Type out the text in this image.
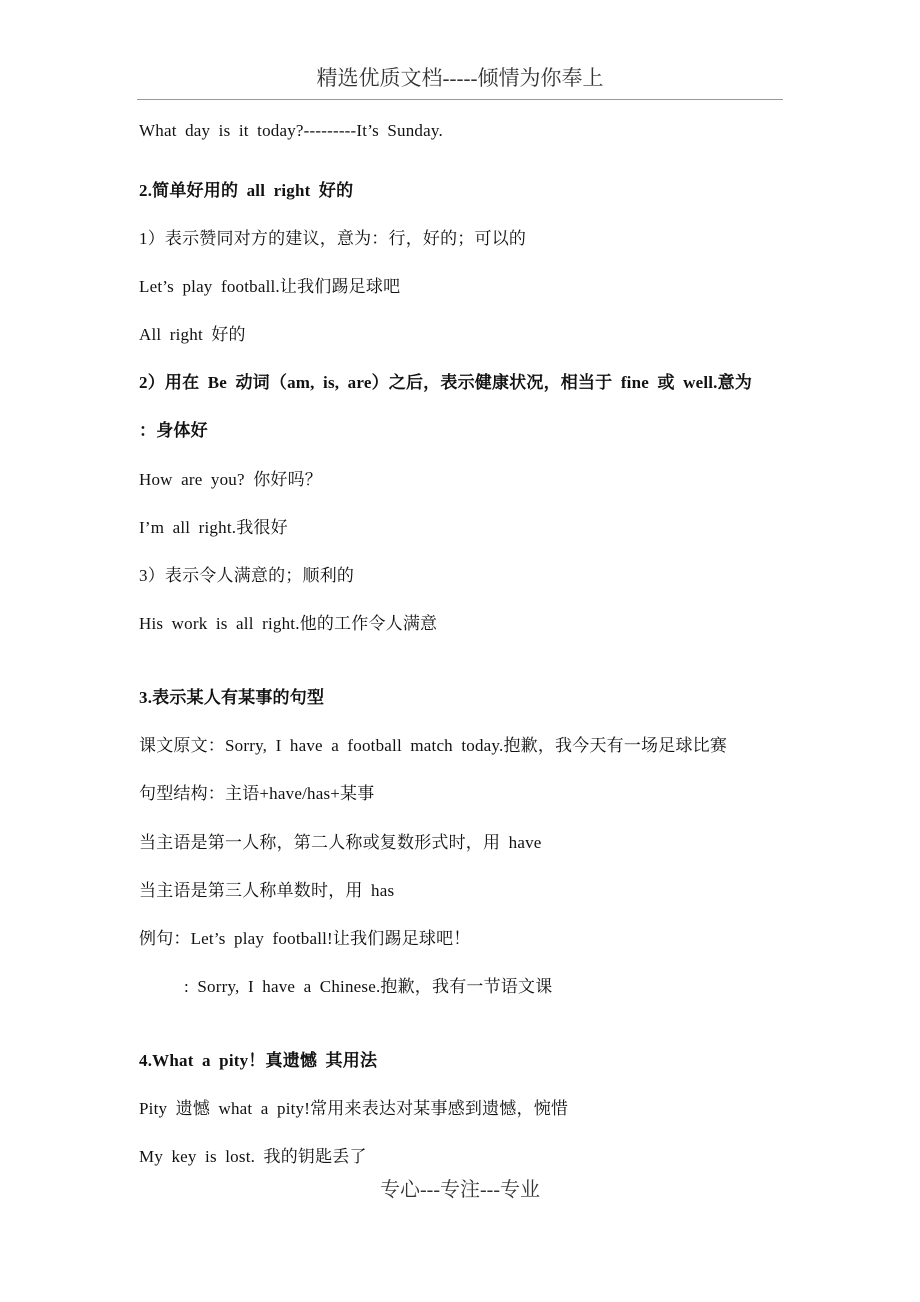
精选优质文档-----倾情为你奉上
What day is it today?---------It’s Sunday.
2.简单好用的 all right 好的
1）表示赞同对方的建议，意为：行，好的；可以的
Let’s play football.让我们踢足球吧
All right 好的
2）用在 Be 动词（am, is, are）之后，表示健康状况，相当于 fine 或 well.意为
：身体好
How are you? 你好吗？
I’m all right.我很好
3）表示令人满意的；顺利的
His work is all right.他的工作令人满意
3.表示某人有某事的句型
课文原文：Sorry, I have a football match today.抱歉，我今天有一场足球比赛
句型结构：主语+have/has+某事
当主语是第一人称，第二人称或复数形式时，用 have
当主语是第三人称单数时，用 has
例句：Let’s play football!让我们踢足球吧！
: Sorry, I have a Chinese.抱歉，我有一节语文课
4.What a pity！真遗憾 其用法
Pity 遗憾 what a pity!常用来表达对某事感到遗憾，惋惜
My key is lost. 我的钥匙丢了
专心---专注---专业
